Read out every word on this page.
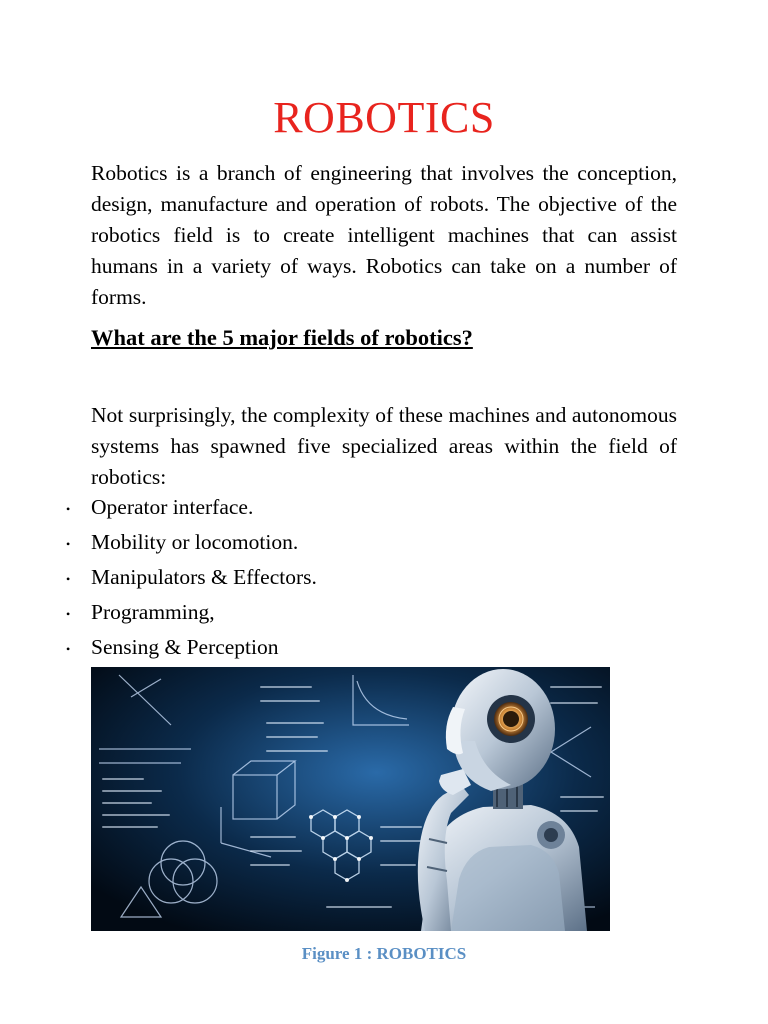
ROBOTICS

Robotics is a branch of engineering that involves the conception, design, manufacture and operation of robots. The objective of the robotics field is to create intelligent machines that can assist humans in a variety of ways. Robotics can take on a number of forms.

What are the 5 major fields of robotics?

Not surprisingly, the complexity of these machines and autonomous systems has spawned five specialized areas within the field of robotics:

• Operator interface.
• Mobility or locomotion.
• Manipulators & Effectors.
• Programming,
• Sensing & Perception

Figure 1 : ROBOTICS
